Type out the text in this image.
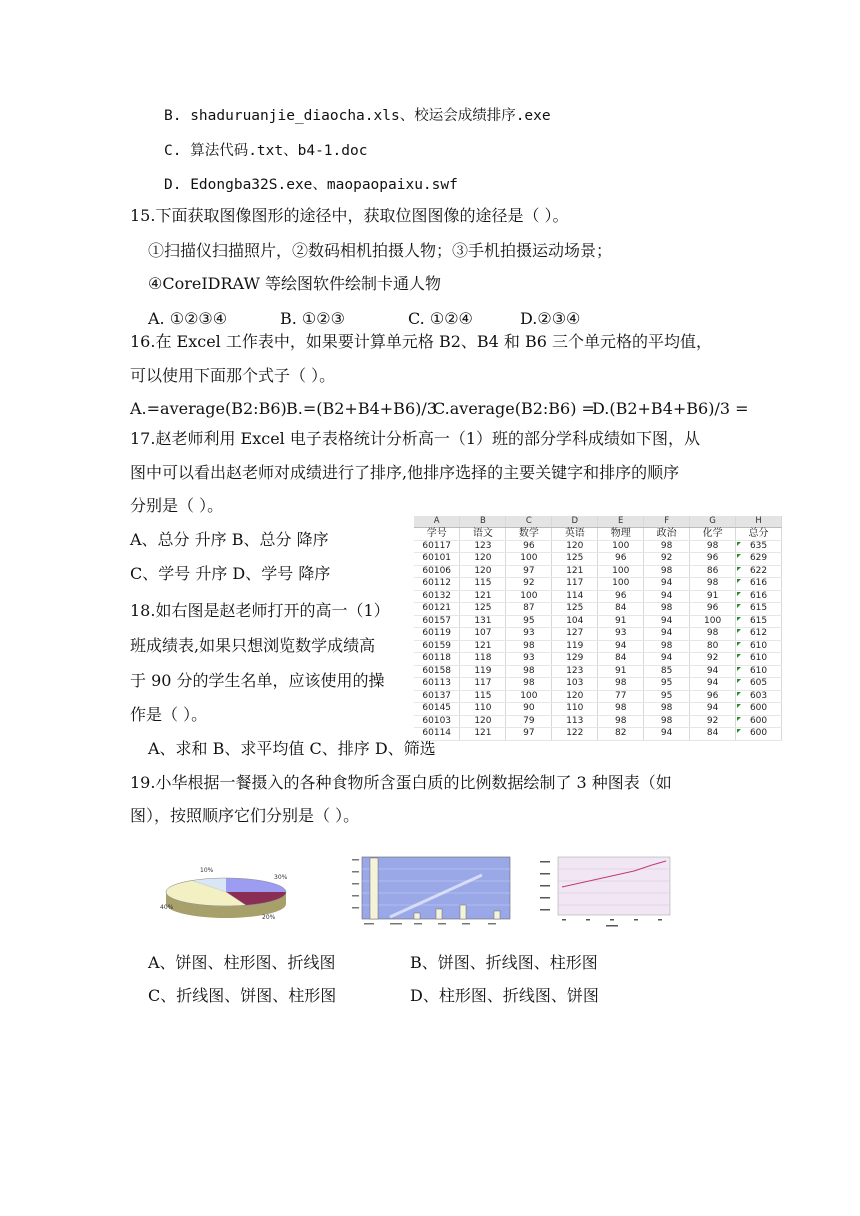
B. shaduruanjie_diaocha.xls、校运会成绩排序.exe
C. 算法代码.txt、b4-1.doc
D. Edongba32S.exe、maopaopaixu.swf
15.下面获取图像图形的途径中，获取位图图像的途径是（ ）。
①扫描仪扫描照片，②数码相机拍摄人物；③手机拍摄运动场景；
④CoreIDRAW 等绘图软件绘制卡通人物
A. ①②③④	B. ①②③	C. ①②④	D.②③④
16.在 Excel 工作表中，如果要计算单元格 B2、B4 和 B6 三个单元格的平均值，
可以使用下面那个式子（ ）。
A.=average(B2:B6) B.=(B2+B4+B6)/3
C.average(B2:B6) =
D.(B2+B4+B6)/3 =
17.赵老师利用 Excel 电子表格统计分析高一（1）班的部分学科成绩如下图，从
图中可以看出赵老师对成绩进行了排序,他排序选择的主要关键字和排序的顺序
分别是（ ）。
A、总分 升序 B、总分 降序
C、学号 升序 D、学号 降序
18.如右图是赵老师打开的高一（1）
班成绩表,如果只想浏览数学成绩高
于 90 分的学生名单，应该使用的操
作是（ ）。
A、求和 B、求平均值 C、排序 D、筛选
A	B	C	D	E	F	G	H
学号	语文	数学	英语	物理	政治	化学	总分
60117	123	96	120	100	98	98	635
60101	120	100	125	96	92	96	629
60106	120	97	121	100	98	86	622
60112	115	92	117	100	94	98	616
60132	121	100	114	96	94	91	616
60121	125	87	125	84	98	96	615
60157	131	95	104	91	94	100	615
60119	107	93	127	93	94	98	612
60159	121	98	119	94	98	80	610
60118	118	93	129	84	94	92	610
60158	119	98	123	91	85	94	610
60113	117	98	103	98	95	94	605
60137	115	100	120	77	95	96	603
60145	110	90	110	98	98	94	600
60103	120	79	113	98	98	92	600
60114	121	97	122	82	94	84	600
19.小华根据一餐摄入的各种食物所含蛋白质的比例数据绘制了 3 种图表（如
图），按照顺序它们分别是（ ）。
10%
30%
20%
40%
A、饼图、柱形图、折线图	B、饼图、折线图、柱形图
C、折线图、饼图、柱形图	D、柱形图、折线图、饼图
